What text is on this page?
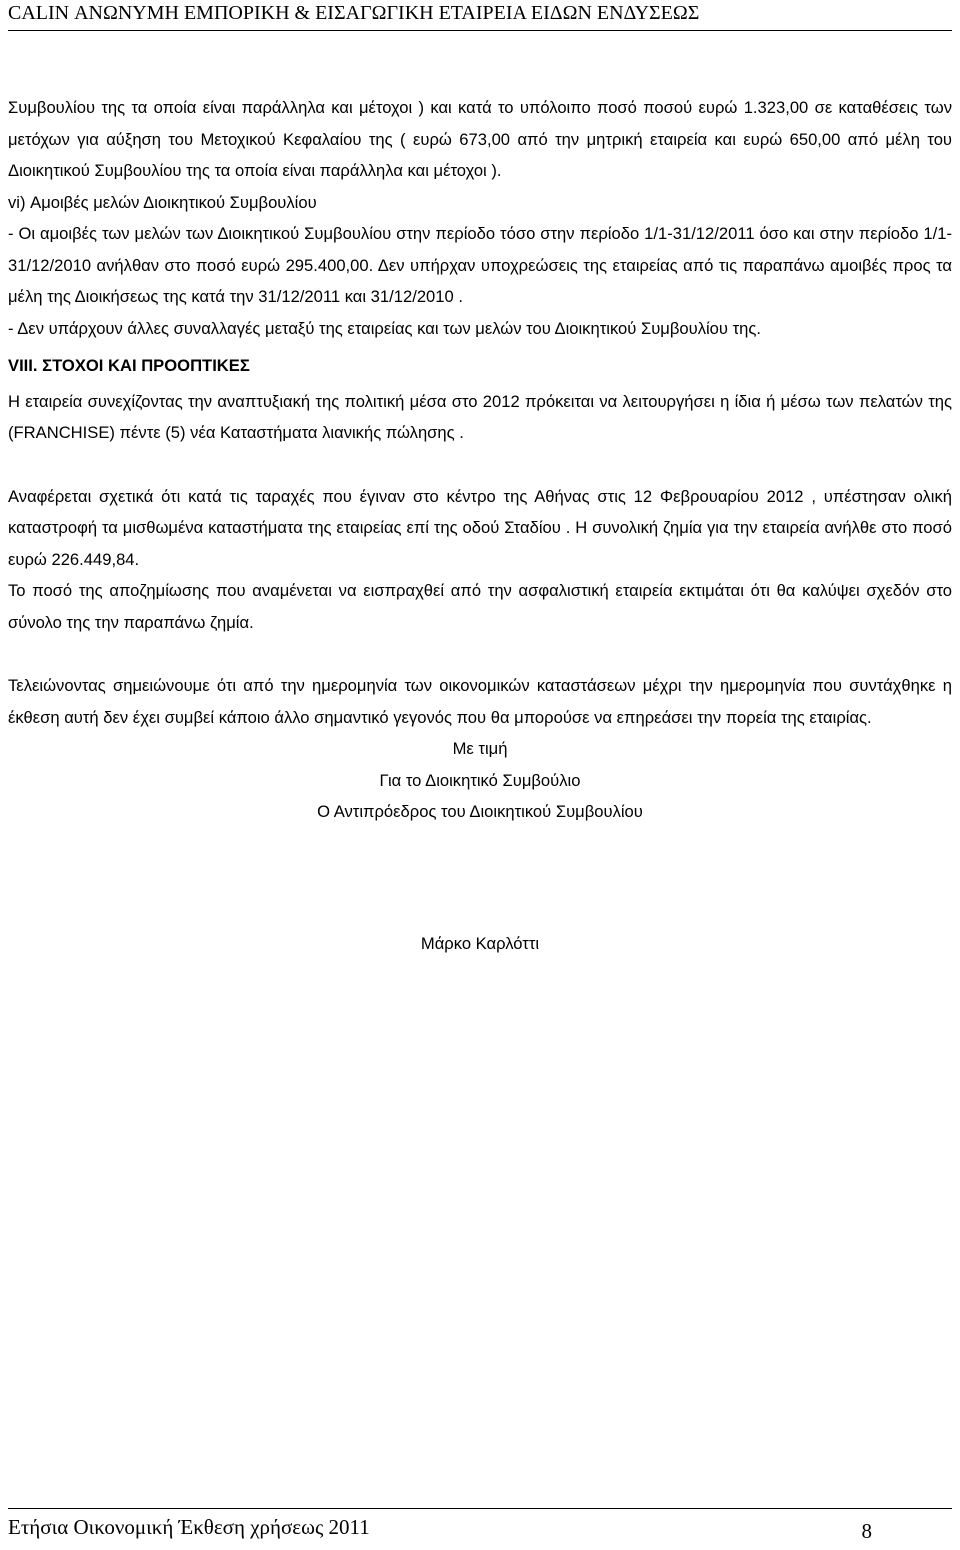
CALIN ΑΝΩΝΥΜΗ ΕΜΠΟΡΙΚΗ & ΕΙΣΑΓΩΓΙΚΗ ΕΤΑΙΡΕΙΑ ΕΙΔΩΝ ΕΝΔΥΣΕΩΣ

Συμβουλίου της τα οποία είναι παράλληλα και μέτοχοι ) και κατά το υπόλοιπο ποσό ποσού ευρώ 1.323,00 σε καταθέσεις των μετόχων για αύξηση του Μετοχικού Κεφαλαίου της ( ευρώ 673,00 από την μητρική εταιρεία και ευρώ 650,00 από μέλη του Διοικητικού Συμβουλίου της τα οποία είναι παράλληλα και μέτοχοι ).

vi) Αμοιβές μελών Διοικητικού Συμβουλίου

- Οι αμοιβές των μελών των Διοικητικού Συμβουλίου στην περίοδο τόσο στην περίοδο 1/1-31/12/2011 όσο και στην περίοδο 1/1-31/12/2010 ανήλθαν στο ποσό ευρώ 295.400,00. Δεν υπήρχαν υποχρεώσεις της εταιρείας από τις παραπάνω αμοιβές προς τα μέλη της Διοικήσεως της κατά την 31/12/2011 και 31/12/2010 .

- Δεν υπάρχουν άλλες συναλλαγές μεταξύ της εταιρείας και των μελών του Διοικητικού Συμβουλίου της.

VIII. ΣΤΟΧΟΙ ΚΑΙ ΠΡΟΟΠΤΙΚΕΣ

Η εταιρεία συνεχίζοντας την αναπτυξιακή της πολιτική μέσα στο 2012 πρόκειται να λειτουργήσει η ίδια ή μέσω των πελατών της (FRANCHISE) πέντε (5) νέα Καταστήματα λιανικής πώλησης .

Αναφέρεται σχετικά ότι κατά τις ταραχές που έγιναν στο κέντρο της Αθήνας στις 12 Φεβρουαρίου 2012 , υπέστησαν ολική καταστροφή τα μισθωμένα καταστήματα της εταιρείας επί της οδού Σταδίου . Η συνολική ζημία για την εταιρεία ανήλθε στο ποσό ευρώ 226.449,84.

Το ποσό της αποζημίωσης που αναμένεται να εισπραχθεί από την ασφαλιστική εταιρεία εκτιμάται ότι θα καλύψει σχεδόν στο σύνολο της την παραπάνω ζημία.

Τελειώνοντας σημειώνουμε ότι από την ημερομηνία των οικονομικών καταστάσεων μέχρι την ημερομηνία που συντάχθηκε η έκθεση αυτή δεν έχει συμβεί κάποιο άλλο σημαντικό γεγονός που θα μπορούσε να επηρεάσει την πορεία της εταιρίας.

Με τιμή

Για το Διοικητικό Συμβούλιο

Ο Αντιπρόεδρος του Διοικητικού Συμβουλίου

Μάρκο Καρλόττι

Ετήσια Οικονομική Έκθεση χρήσεως 2011	8
